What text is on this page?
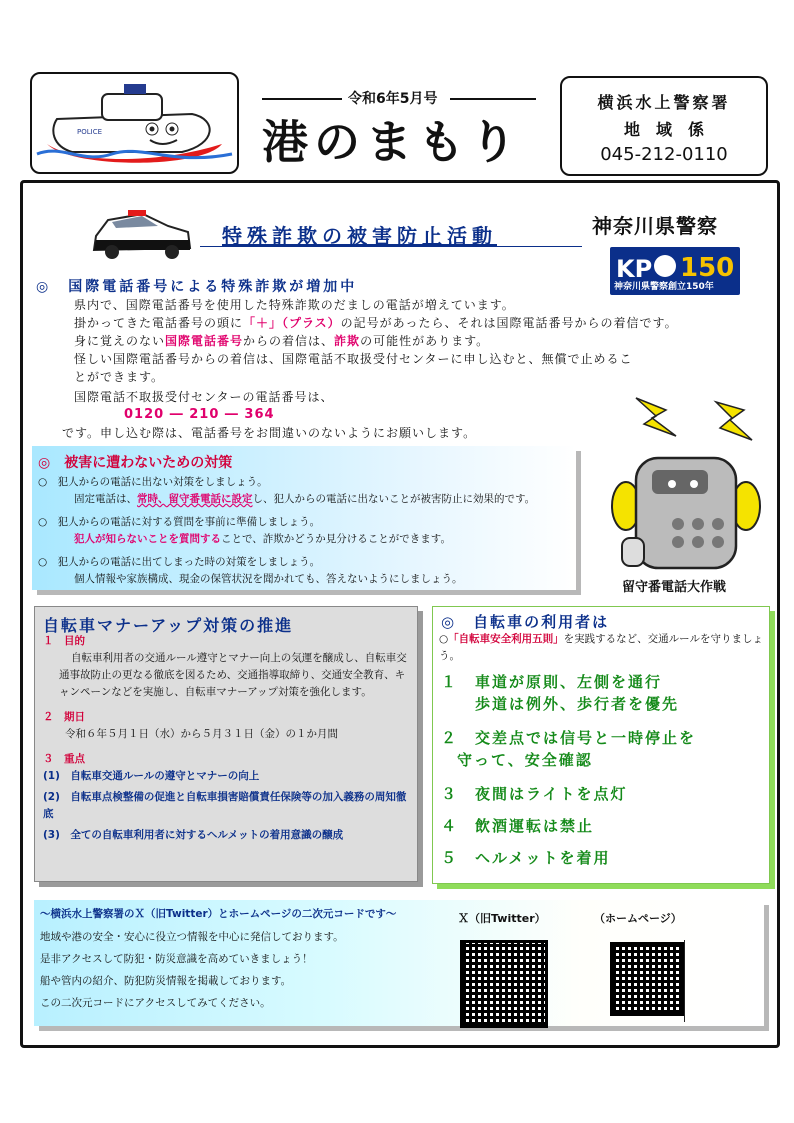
POLICE
令和6年5月号
港のまもり
横浜水上警察署
地　域　係
045-212-0110
特殊詐欺の被害防止活動	神奈川県警察
KP 150
神奈川県警察創立150年
◎　国際電話番号による特殊詐欺が増加中
県内で、国際電話番号を使用した特殊詐欺のだましの電話が増えています。
掛かってきた電話番号の頭に「＋」（プラス）の記号があったら、それは国際電話番号からの着信です。
身に覚えのない国際電話番号からの着信は、詐欺の可能性があります。
怪しい国際電話番号からの着信は、国際電話不取扱受付センターに申し込むと、無償で止めることができます。
国際電話不取扱受付センターの電話番号は、
0120 ― 210 ― 364
です。申し込む際は、電話番号をお間違いのないようにお願いします。
◎　被害に遭わないための対策
○　犯人からの電話に出ない対策をしましょう。
固定電話は、常時、留守番電話に設定し、犯人からの電話に出ないことが被害防止に効果的です。
○　犯人からの電話に対する質問を事前に準備しましょう。
犯人が知らないことを質問することで、詐欺かどうか見分けることができます。
○　犯人からの電話に出てしまった時の対策をしましょう。
個人情報や家族構成、現金の保管状況を聞かれても、答えないようにしましょう。
留守番電話大作戦
自転車マナーアップ対策の推進
１　目的
自転車利用者の交通ルール遵守とマナー向上の気運を醸成し、自転車交通事故防止の更なる徹底を図るため、交通指導取締り、交通安全教育、キャンペーンなどを実施し、自転車マナーアップ対策を強化します。
２　期日
令和６年５月１日（水）から５月３１日（金）の１か月間
３　重点
(1)　自転車交通ルールの遵守とマナーの向上
(2)　自転車点検整備の促進と自転車損害賠償責任保険等の加入義務の周知徹底
(3)　全ての自転車利用者に対するヘルメットの着用意識の醸成
◎　自転車の利用者は
○「自転車安全利用五則」を実践するなど、交通ルールを守りましょう。
１　車道が原則、左側を通行
歩道は例外、歩行者を優先
２　交差点では信号と一時停止を
守って、安全確認
３　夜間はライトを点灯
４　飲酒運転は禁止
５　ヘルメットを着用
～横浜水上警察署のＸ（旧Twitter）とホームページの二次元コードです～
地域や港の安全・安心に役立つ情報を中心に発信しております。
是非アクセスして防犯・防災意識を高めていきましょう！
船や管内の紹介、防犯防災情報を掲載しております。
この二次元コードにアクセスしてみてください。
Ｘ（旧Twitter）	（ホームページ）
